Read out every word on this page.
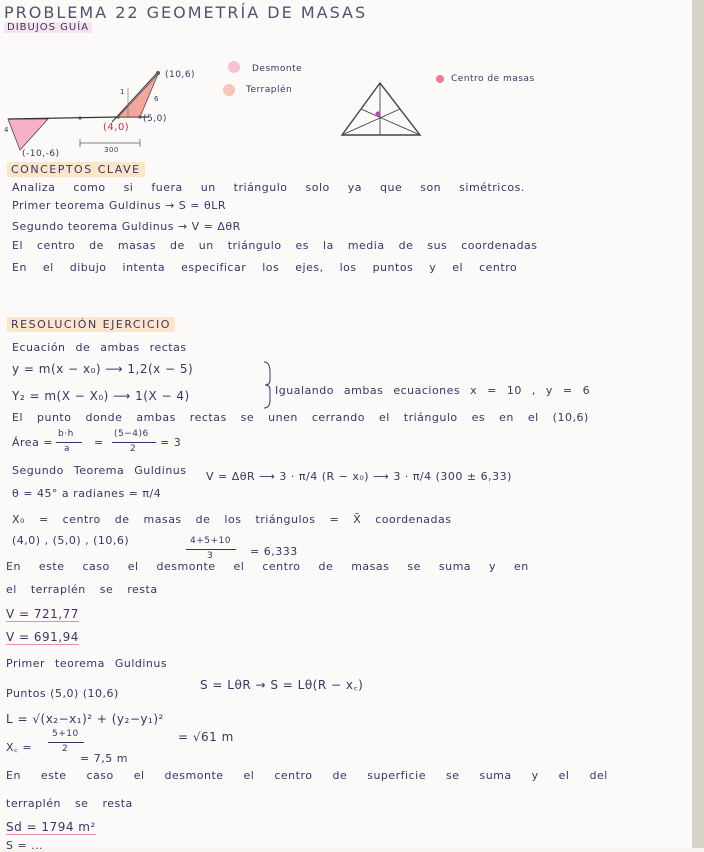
PROBLEMA 22 GEOMETRÍA DE MASAS
DIBUJOS GUÍA
(10,6)
(4,0)
(5,0)
(-10,-6)	300
4
6
1
Desmonte
Terraplén
Centro de masas
CONCEPTOS CLAVE
Analiza como si fuera un triángulo solo ya que son simétricos.
Primer teorema Guldinus → S = θLR
Segundo teorema Guldinus → V = ΔθR
El centro de masas de un triángulo es la media de sus coordenadas
En el dibujo intenta especificar los ejes, los puntos y el centro
RESOLUCIÓN EJERCICIO
Ecuación de ambas rectas
y = m(x − x₀) ⟶ 1,2(x − 5)
Y₂ = m(X − X₀) ⟶ 1(X − 4)	Igualando ambas ecuaciones x = 10 , y = 6
El punto donde ambas rectas se unen cerrando el triángulo es en el (10,6)
Área =
b·h
a =
(5−4)6
2 = 3
Segundo Teorema Guldinus V = ΔθR ⟶ 3 · π/4 (R − x₀) ⟶ 3 · π/4 (300 ± 6,33)
θ = 45° a radianes = π/4
X₀ = centro de masas de los triángulos = X̄ coordenadas
(4,0) , (5,0) , (10,6)	4+5+10
3	= 6,333
En este caso el desmonte el centro de masas se suma y en
el terraplén se resta
V = 721,77
V = 691,94
Primer teorema Guldinus
S = LθR → S = Lθ(R − x꜀)
Puntos (5,0) (10,6)
L = √(x₂−x₁)² + (y₂−y₁)²
= √61 m
X꜀ =
5+10
2
= 7,5 m
En este caso el desmonte el centro de superficie se suma y el del
terraplén se resta
Sd = 1794 m²
S = ...
